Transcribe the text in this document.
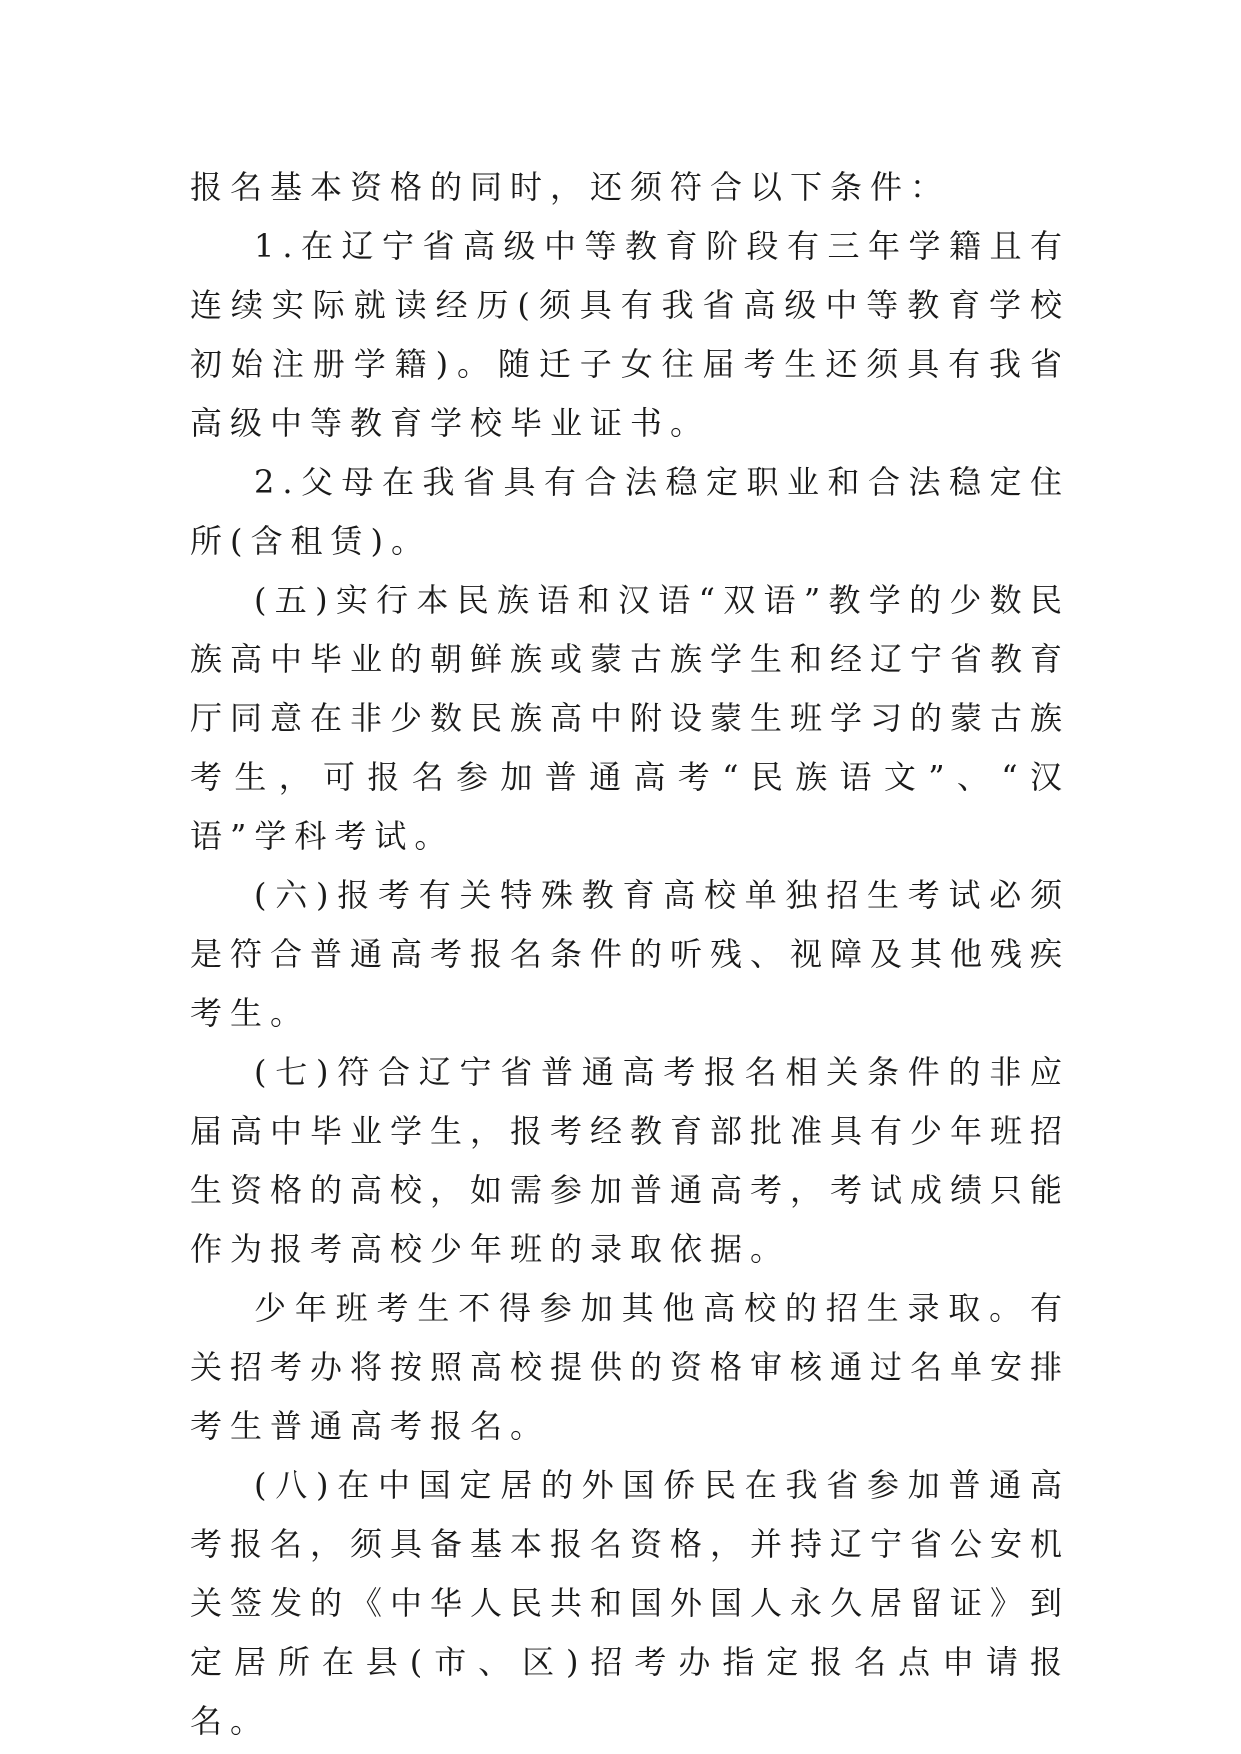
报名基本资格的同时，还须符合以下条件：

1.在辽宁省高级中等教育阶段有三年学籍且有连续实际就读经历(须具有我省高级中等教育学校初始注册学籍)。随迁子女往届考生还须具有我省高级中等教育学校毕业证书。

2.父母在我省具有合法稳定职业和合法稳定住所(含租赁)。

(五)实行本民族语和汉语“双语”教学的少数民族高中毕业的朝鲜族或蒙古族学生和经辽宁省教育厅同意在非少数民族高中附设蒙生班学习的蒙古族考生，可报名参加普通高考“民族语文”、“汉语”学科考试。

(六)报考有关特殊教育高校单独招生考试必须是符合普通高考报名条件的听残、视障及其他残疾考生。

(七)符合辽宁省普通高考报名相关条件的非应届高中毕业学生，报考经教育部批准具有少年班招生资格的高校，如需参加普通高考，考试成绩只能作为报考高校少年班的录取依据。

少年班考生不得参加其他高校的招生录取。有关招考办将按照高校提供的资格审核通过名单安排考生普通高考报名。

(八)在中国定居的外国侨民在我省参加普通高考报名，须具备基本报名资格，并持辽宁省公安机关签发的《中华人民共和国外国人永久居留证》到定居所在县(市、区)招考办指定报名点申请报名。
